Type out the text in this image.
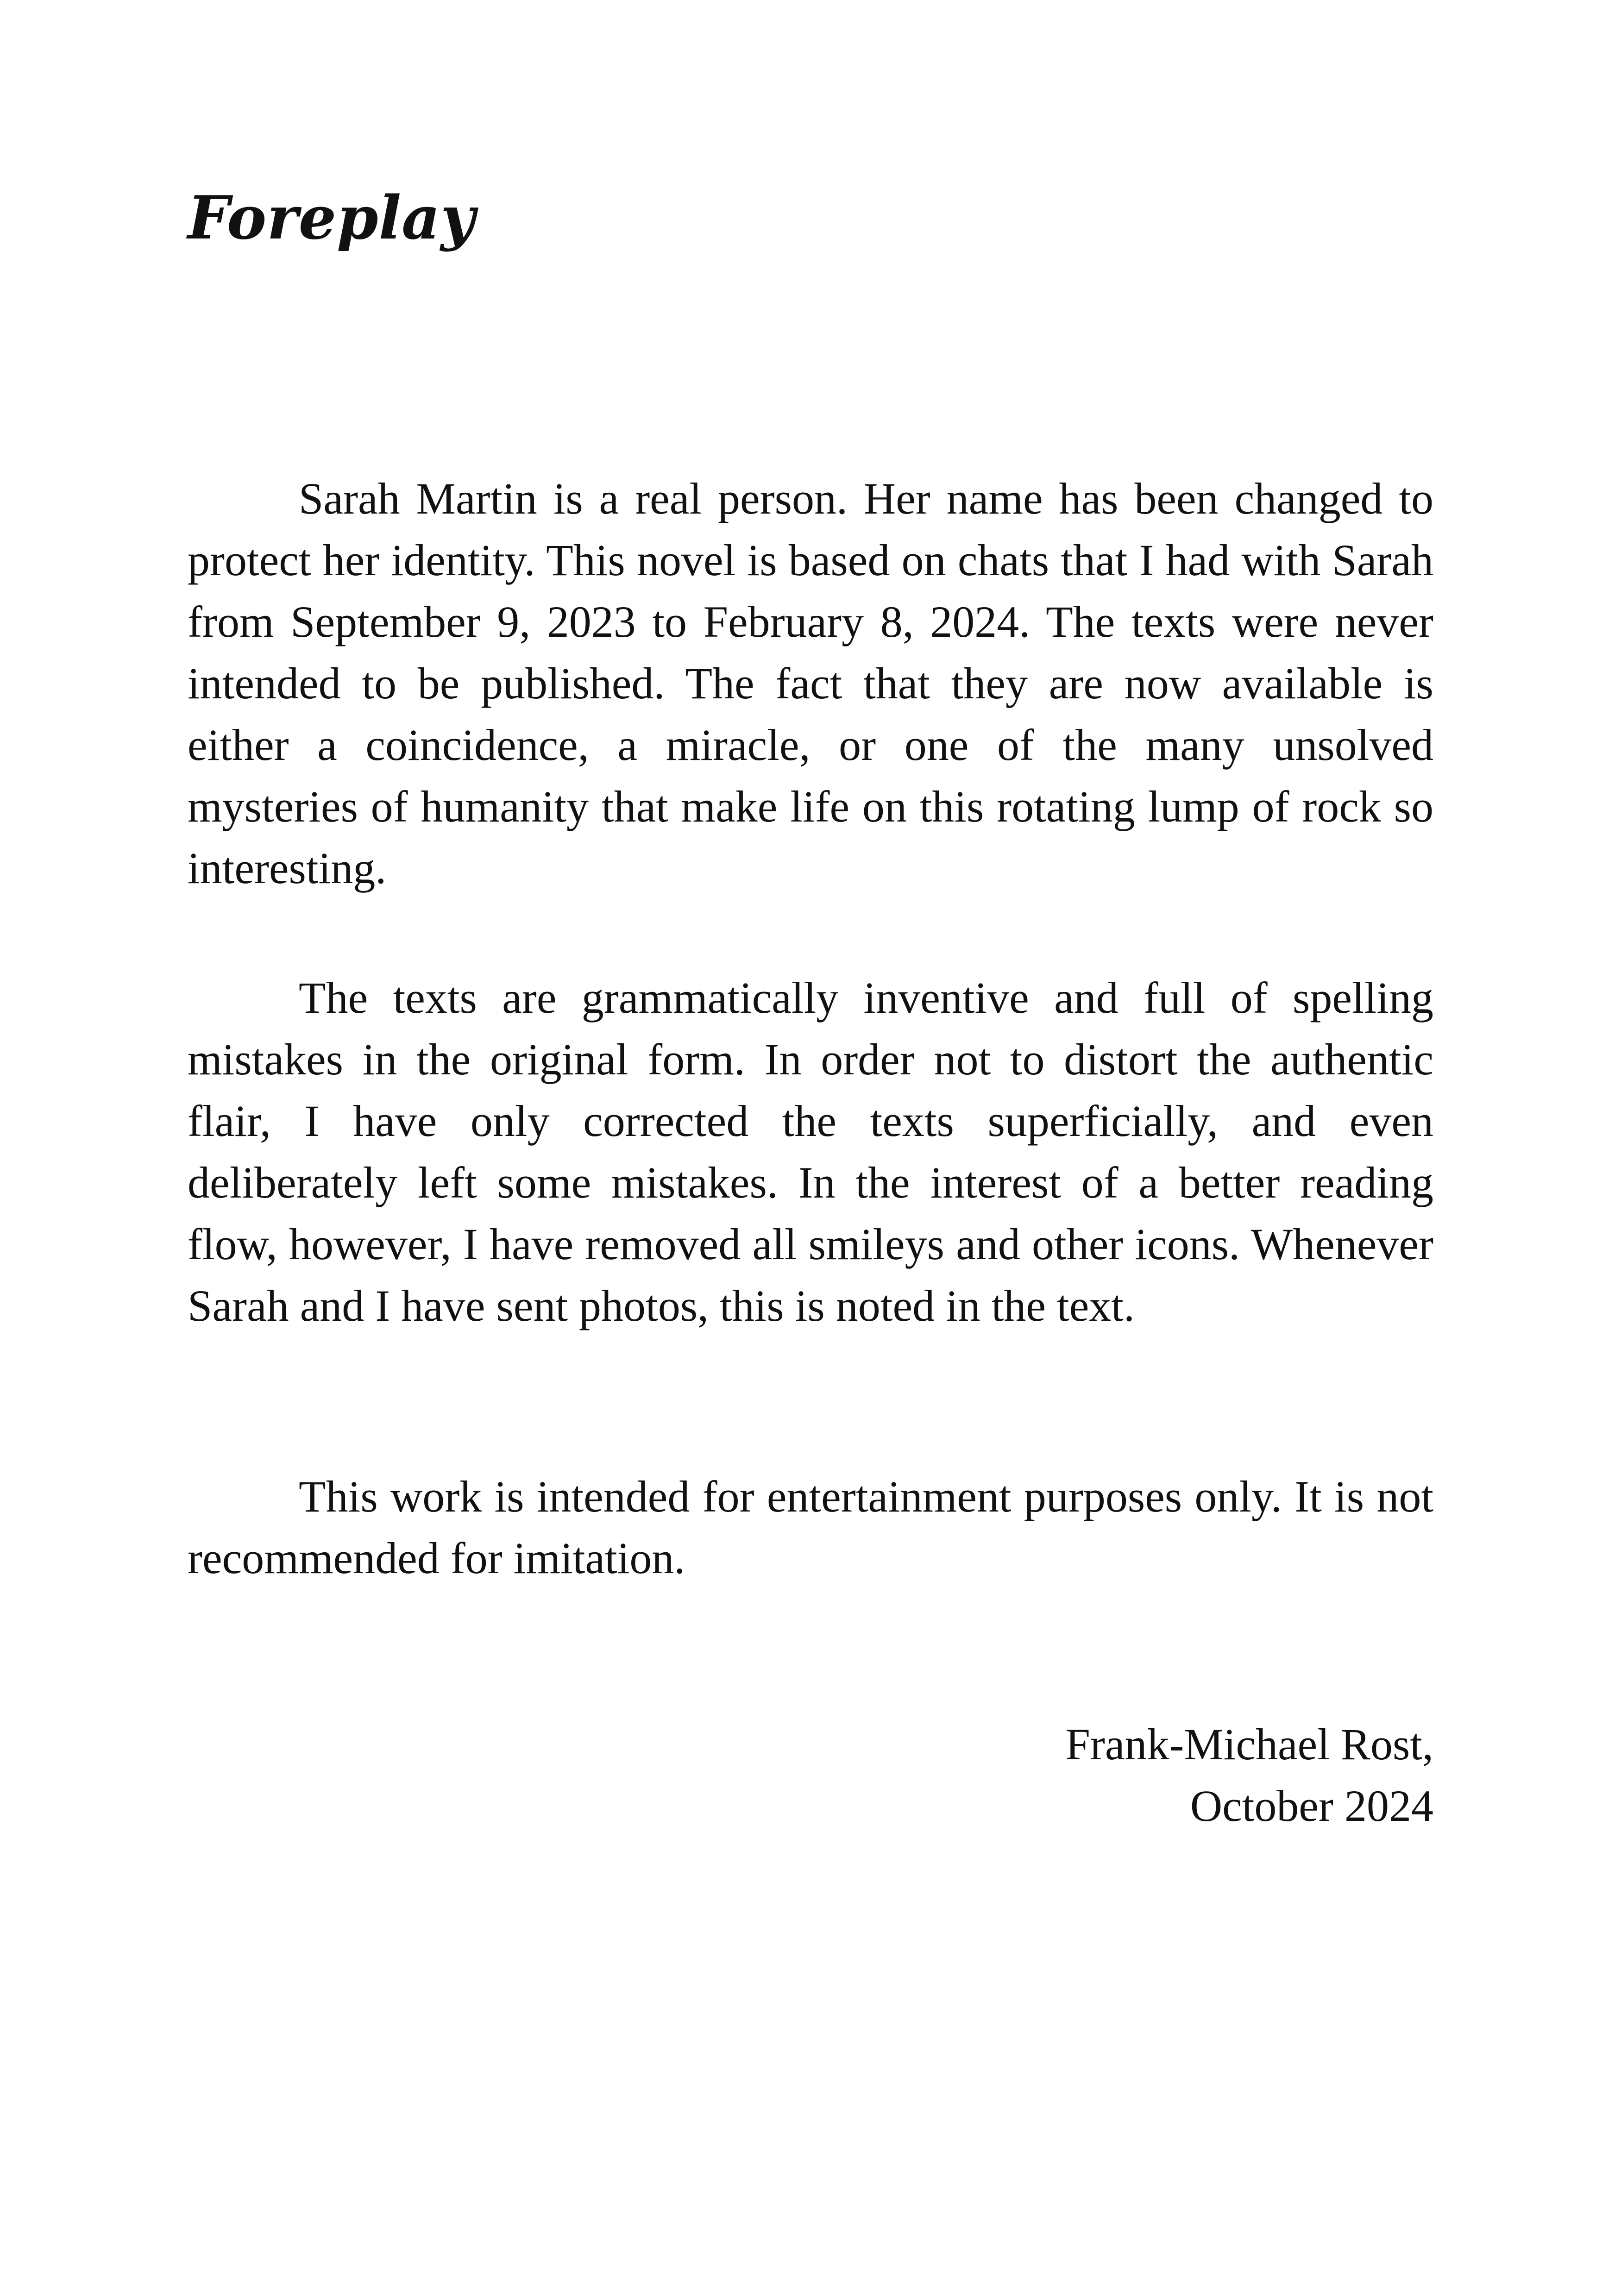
Foreplay

Sarah Martin is a real person. Her name has been changed to protect her identity. This novel is based on chats that I had with Sarah from September 9, 2023 to February 8, 2024. The texts were never intended to be published. The fact that they are now available is either a coincidence, a miracle, or one of the many unsolved mysteries of humanity that make life on this rotating lump of rock so interesting.

The texts are grammatically inventive and full of spelling mistakes in the original form. In order not to distort the authentic flair, I have only corrected the texts superficially, and even deliberately left some mistakes. In the interest of a better reading flow, however, I have removed all smileys and other icons. Whenever Sarah and I have sent photos, this is noted in the text.

This work is intended for entertainment purposes only. It is not recommended for imitation.

Frank-Michael Rost,
October 2024
